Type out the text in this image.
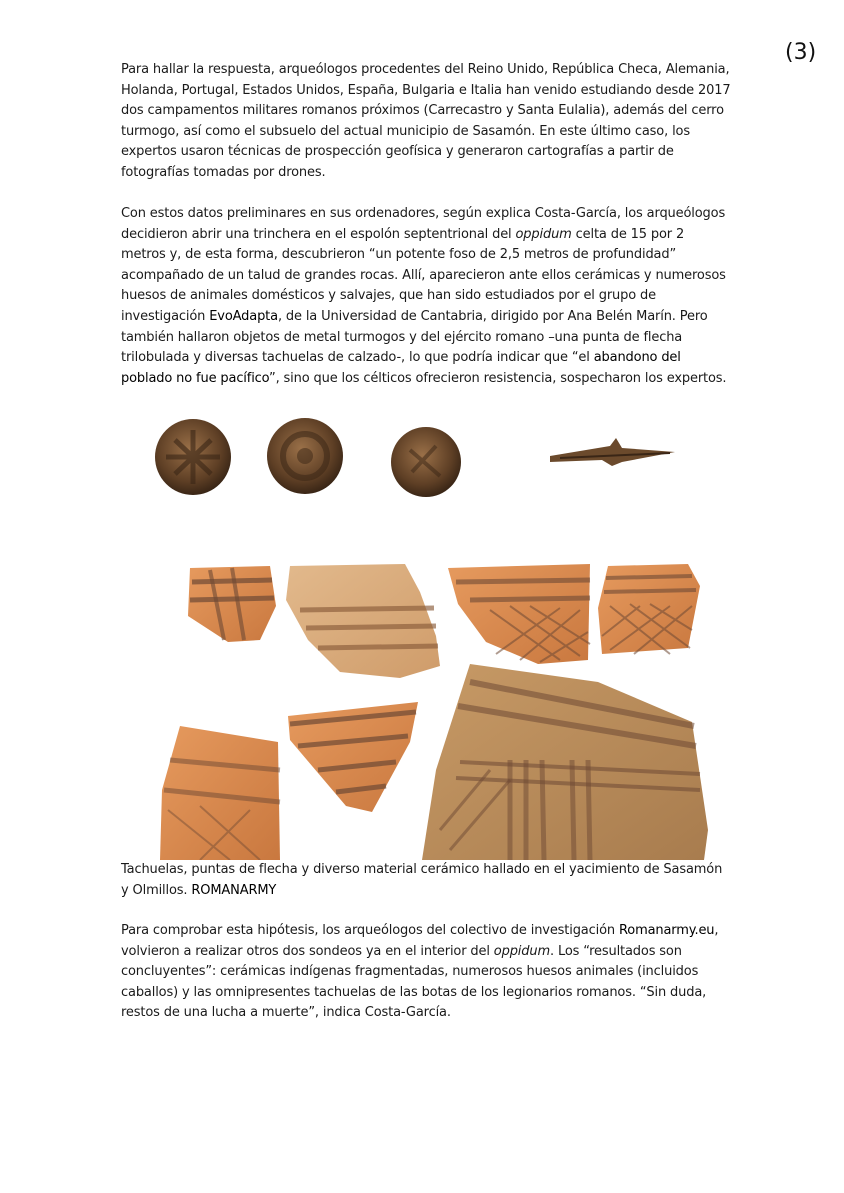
(3)

Para hallar la respuesta, arqueólogos procedentes del Reino Unido, República Checa, Alemania, Holanda, Portugal, Estados Unidos, España, Bulgaria e Italia han venido estudiando desde 2017 dos campamentos militares romanos próximos (Carrecastro y Santa Eulalia), además del cerro turmogo, así como el subsuelo del actual municipio de Sasamón. En este último caso, los expertos usaron técnicas de prospección geofísica y generaron cartografías a partir de fotografías tomadas por drones.

Con estos datos preliminares en sus ordenadores, según explica Costa-García, los arqueólogos decidieron abrir una trinchera en el espolón septentrional del oppidum celta de 15 por 2 metros y, de esta forma, descubrieron “un potente foso de 2,5 metros de profundidad” acompañado de un talud de grandes rocas. Allí, aparecieron ante ellos cerámicas y numerosos huesos de animales domésticos y salvajes, que han sido estudiados por el grupo de investigación EvoAdapta, de la Universidad de Cantabria, dirigido por Ana Belén Marín. Pero también hallaron objetos de metal turmogos y del ejército romano –una punta de flecha trilobulada y diversas tachuelas de calzado-, lo que podría indicar que “el abandono del poblado no fue pacífico”, sino que los célticos ofrecieron resistencia, sospecharon los expertos.

Tachuelas, puntas de flecha y diverso material cerámico hallado en el yacimiento de Sasamón y Olmillos. ROMANARMY

Para comprobar esta hipótesis, los arqueólogos del colectivo de investigación Romanarmy.eu, volvieron a realizar otros dos sondeos ya en el interior del oppidum. Los “resultados son concluyentes”: cerámicas indígenas fragmentadas, numerosos huesos animales (incluidos caballos) y las omnipresentes tachuelas de las botas de los legionarios romanos. “Sin duda, restos de una lucha a muerte”, indica Costa-García.
